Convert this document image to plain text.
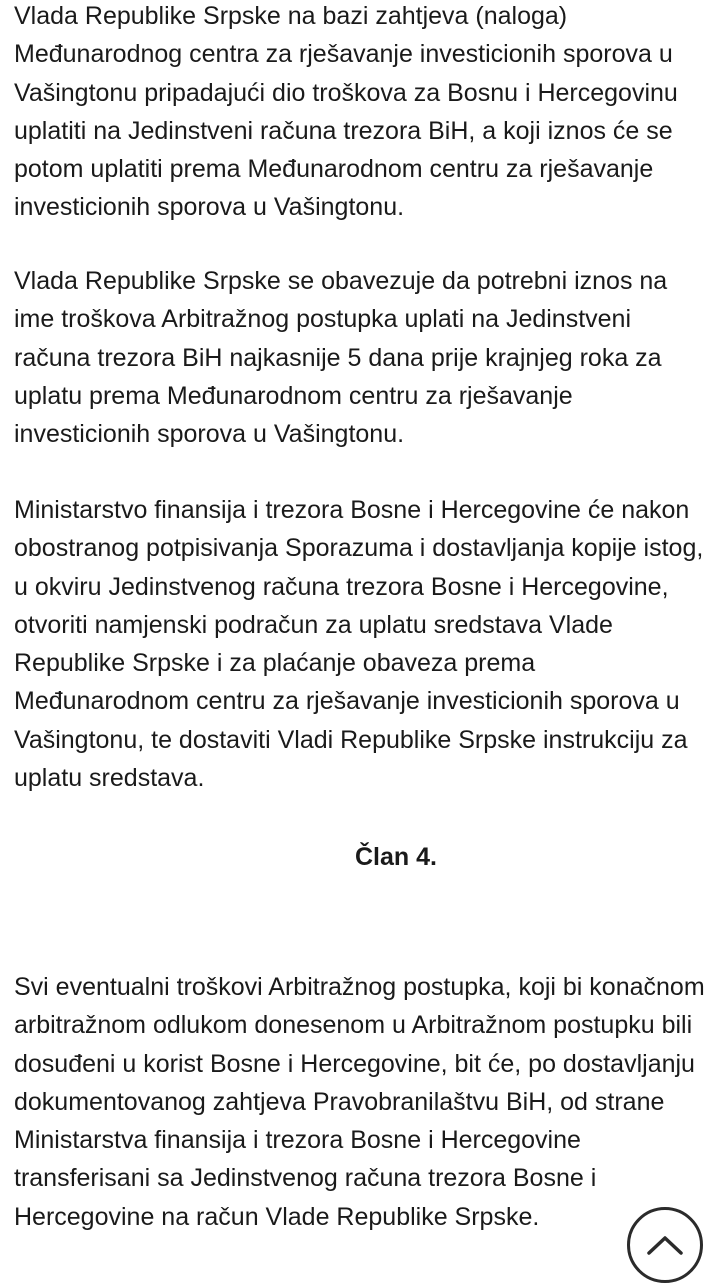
Vlada Republike Srpske na bazi zahtjeva (naloga) Međunarodnog centra za rješavanje investicionih sporova u Vašingtonu pripadajući dio troškova za Bosnu i Hercegovinu uplatiti na Jedinstveni računa trezora BiH, a koji iznos će se potom uplatiti prema Međunarodnom centru za rješavanje investicionih sporova u Vašingtonu.

Vlada Republike Srpske se obavezuje da potrebni iznos na ime troškova Arbitražnog postupka uplati na Jedinstveni računa trezora BiH najkasnije 5 dana prije krajnjeg roka za uplatu prema Međunarodnom centru za rješavanje investicionih sporova u Vašingtonu.

Ministarstvo finansija i trezora Bosne i Hercegovine će nakon obostranog potpisivanja Sporazuma i dostavljanja kopije istog, u okviru Jedinstvenog računa trezora Bosne i Hercegovine, otvoriti namjenski podračun za uplatu sredstava Vlade Republike Srpske i za plaćanje obaveza prema Međunarodnom centru za rješavanje investicionih sporova u Vašingtonu, te dostaviti Vladi Republike Srpske instrukciju za uplatu sredstava.

Član 4.

Svi eventualni troškovi Arbitražnog postupka, koji bi konačnom arbitražnom odlukom donesenom u Arbitražnom postupku bili dosuđeni u korist Bosne i Hercegovine, bit će, po dostavljanju dokumentovanog zahtjeva Pravobranilaštvu BiH, od strane Ministarstva finansija i trezora Bosne i Hercegovine transferisani sa Jedinstvenog računa trezora Bosne i Hercegovine na račun Vlade Republike Srpske.
